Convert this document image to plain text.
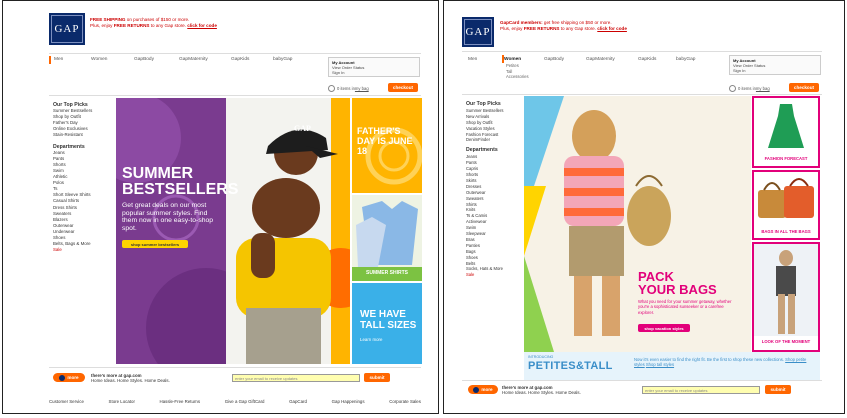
GAP
FREE SHIPPING on purchases of $150 or more.
Plus, enjoy FREE RETURNS to any Gap store. click for code
Men	Women	GapBody	GapMaternity	GapKids	babyGap
My Account
View Order Status
Sign In
0 items in my bag	checkout
Our Top Picks
Summer Bestsellers
Shop by Outfit
Father's Day
Online Exclusives
Stain-Resistant
Departments
Jeans
Pants
Shorts
Swim
Athletic
Polos
Ts
Short Sleeve Shirts
Casual Shirts
Dress Shirts
Sweaters
Blazers
Outerwear
Underwear
Shoes
Belts, Bags & More
Sale
GAP
SUMMER
BESTSELLERS
Get great deals on our most popular summer styles. Find them now in one easy-to-shop spot.
shop summer bestsellers
FATHER'S DAY IS JUNE 18
SUMMER SHIRTS
WE HAVE
TALL SIZES
Learn more
more	there's more at gap.com
Home Ideas. Home Styles. Home Deals.	enter your email to receive updates	submit
Customer Service	Store Locator	Hassle-Free Returns	Give a Gap GiftCard	GapCard	Gap Happenings	Corporate Sales
GAP
GapCard members: get free shipping on $50 or more.
Plus, enjoy FREE RETURNS to any Gap store. click for code
Men	Women	GapBody	GapMaternity	GapKids	babyGap
Petites
Tall
Accessories
My Account
View Order Status
Sign In
0 items in my bag	checkout
Our Top Picks
Summer Bestsellers
New Arrivals
Shop by Outfit
Vacation Styles
Fashion Forecast
DenimFinder
Departments
Jeans
Pants
Capris
Shorts
Skirts
Dresses
Outerwear
Sweaters
Shirts
Knits
Ts & Camis
Activewear
Swim
Sleepwear
Bras
Panties
Bags
Shoes
Belts
Socks, Hats & More
Sale	PACK
YOUR BAGS
What you need for your summer getaway, whether you're a sophisticated sunseeker or a carefree explorer.
shop vacation styles
INTRODUCING
PETITES&TALL
Now it's even easier to find the right fit. Be the first to shop these new collections. Shop petite styles Shop tall styles
FASHION FORECAST
BAGS IN ALL THE BAGS
LOOK OF THE MOMENT
more there's more at gap.com
Home Ideas. Home Styles. Home Deals.	enter your email to receive updates	submit
